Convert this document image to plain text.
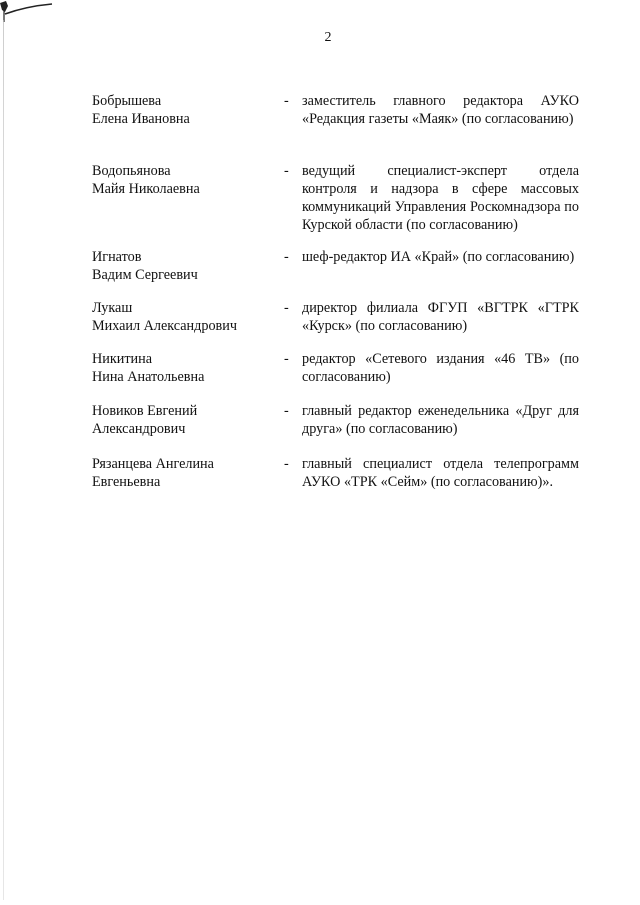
2
Бобрышева
Елена Ивановна
- заместитель главного редактора АУКО «Редакция газеты «Маяк» (по согласованию)
Водопьянова
Майя Николаевна
- ведущий специалист-эксперт отдела контроля и надзора в сфере массовых коммуникаций Управления Роскомнадзора по Курской области (по согласованию)
Игнатов
Вадим Сергеевич
- шеф-редактор ИА «Край» (по согласованию)
Лукаш
Михаил Александрович
- директор филиала ФГУП «ВГТРК «ГТРК «Курск» (по согласованию)
Никитина
Нина Анатольевна
- редактор «Сетевого издания «46 ТВ» (по согласованию)
Новиков Евгений
Александрович
- главный редактор еженедельника «Друг для друга» (по согласованию)
Рязанцева Ангелина
Евгеньевна
- главный специалист отдела телепрограмм АУКО «ТРК «Сейм» (по согласованию)».
